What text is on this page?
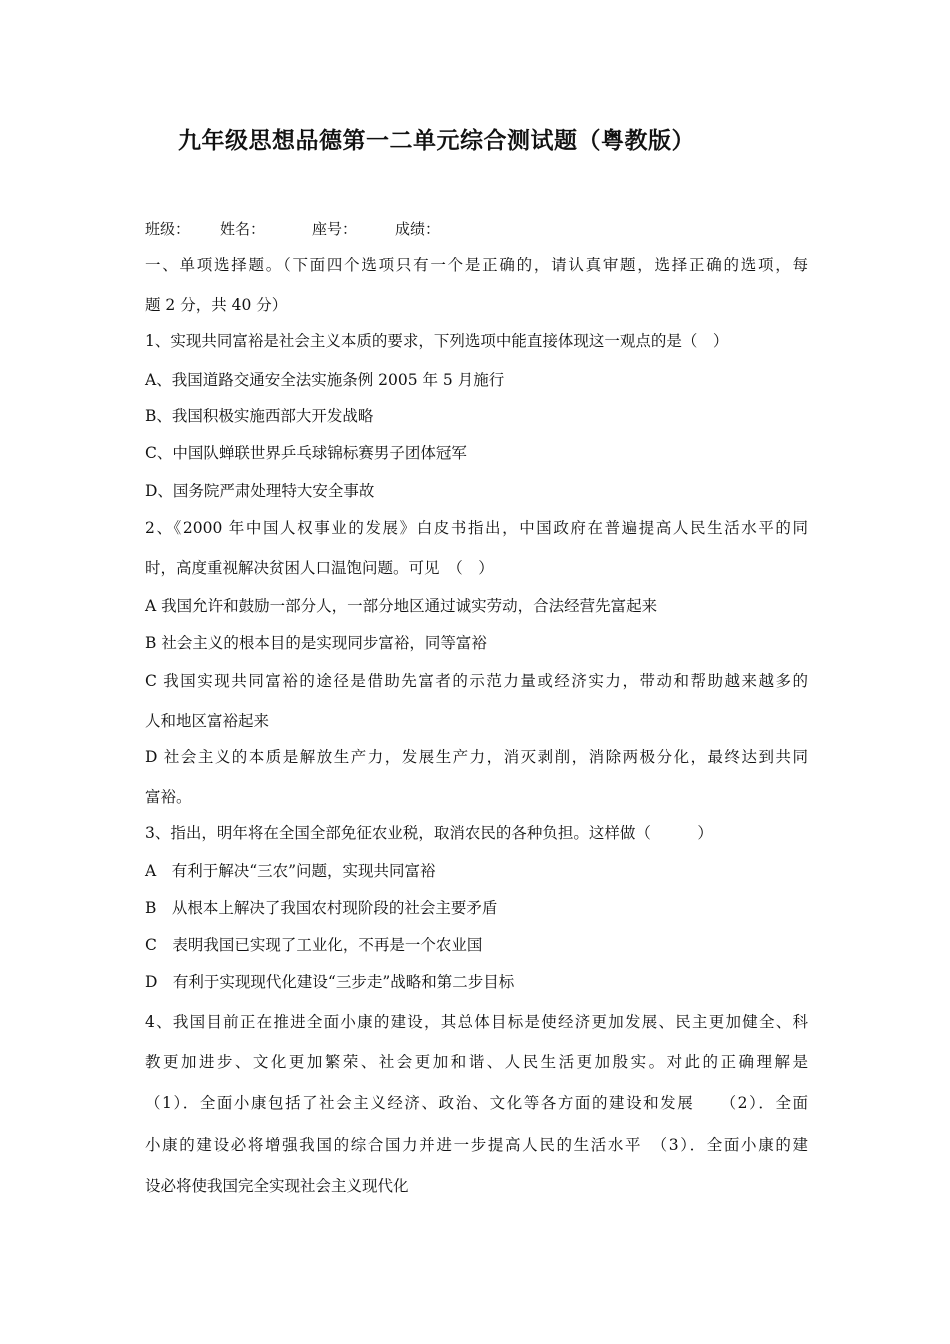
九年级思想品德第一二单元综合测试题（粤教版）
班级： 姓名：	座号：	成绩：
一、单项选择题。（下面四个选项只有一个是正确的，请认真审题，选择正确的选项，每
题 2 分，共 40 分）
1、实现共同富裕是社会主义本质的要求，下列选项中能直接体现这一观点的是（　）
A、我国道路交通安全法实施条例 2005 年 5 月施行
B、我国积极实施西部大开发战略
C、中国队蝉联世界乒乓球锦标赛男子团体冠军
D、国务院严肃处理特大安全事故
2、《2000 年中国人权事业的发展》白皮书指出，中国政府在普遍提高人民生活水平的同
时，高度重视解决贫困人口温饱问题。可见　（　）
A 我国允许和鼓励一部分人，一部分地区通过诚实劳动，合法经营先富起来
B 社会主义的根本目的是实现同步富裕，同等富裕
C 我国实现共同富裕的途径是借助先富者的示范力量或经济实力，带动和帮助越来越多的
人和地区富裕起来
D 社会主义的本质是解放生产力，发展生产力，消灭剥削，消除两极分化，最终达到共同
富裕。
3、指出，明年将在全国全部免征农业税，取消农民的各种负担。这样做（　　　）
A　有利于解决“三农”问题，实现共同富裕
B　从根本上解决了我国农村现阶段的社会主要矛盾
C　表明我国已实现了工业化，不再是一个农业国
D　有利于实现现代化建设“三步走”战略和第二步目标
4、我国目前正在推进全面小康的建设，其总体目标是使经济更加发展、民主更加健全、科
教更加进步、文化更加繁荣、社会更加和谐、人民生活更加殷实。对此的正确理解是
（1）．全面小康包括了社会主义经济、政治、文化等各方面的建设和发展　　（2）．全面
小康的建设必将增强我国的综合国力并进一步提高人民的生活水平　（3）．全面小康的建
设必将使我国完全实现社会主义现代化
